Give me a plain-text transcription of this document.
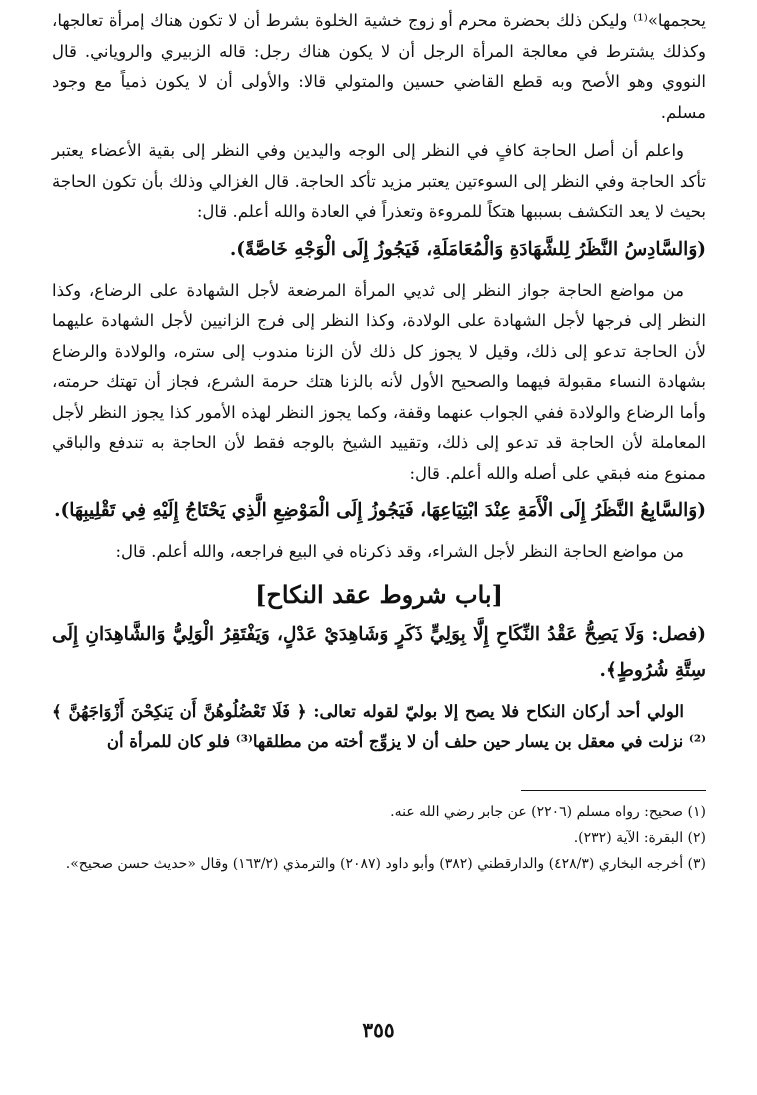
يحجمها»⁽¹⁾ وليكن ذلك بحضرة محرم أو زوج خشية الخلوة بشرط أن لا تكون هناك إمرأة تعالجها، وكذلك يشترط في معالجة المرأة الرجل أن لا يكون هناك رجل: قاله الزبيري والروياني. قال النووي وهو الأصح وبه قطع القاضي حسين والمتولي قالا: والأولى أن لا يكون ذمياً مع وجود مسلم.

واعلم أن أصل الحاجة كافٍ في النظر إلى الوجه واليدين وفي النظر إلى بقية الأعضاء يعتبر تأكد الحاجة وفي النظر إلى السوءتين يعتبر مزيد تأكد الحاجة. قال الغزالي وذلك بأن تكون الحاجة بحيث لا يعد التكشف بسببها هتكاً للمروءة وتعذراً في العادة والله أعلم. قال:

(وَالسَّادِسُ النَّظَرُ لِلشَّهَادَةِ وَالْمُعَامَلَةِ، فَيَجُوزُ إِلَى الْوَجْهِ خَاصَّةً).

من مواضع الحاجة جواز النظر إلى ثديي المرأة المرضعة لأجل الشهادة على الرضاع، وكذا النظر إلى فرجها لأجل الشهادة على الولادة، وكذا النظر إلى فرج الزانيين لأجل الشهادة عليهما لأن الحاجة تدعو إلى ذلك، وقيل لا يجوز كل ذلك لأن الزنا مندوب إلى ستره، والولادة والرضاع بشهادة النساء مقبولة فيهما والصحيح الأول لأنه بالزنا هتك حرمة الشرع، فجاز أن تهتك حرمته، وأما الرضاع والولادة ففي الجواب عنهما وقفة، وكما يجوز النظر لهذه الأمور كذا يجوز النظر لأجل المعاملة لأن الحاجة قد تدعو إلى ذلك، وتقييد الشيخ بالوجه فقط لأن الحاجة به تندفع والباقي ممنوع منه فبقي على أصله والله أعلم. قال:

(وَالسَّابِعُ النَّظَرُ إِلَى الْأَمَةِ عِنْدَ ابْتِيَاعِهَا، فَيَجُوزُ إِلَى الْمَوْضِعِ الَّذِي يَحْتَاجُ إِلَيْهِ فِي تَقْلِيبِهَا).

من مواضع الحاجة النظر لأجل الشراء، وقد ذكرناه في البيع فراجعه، والله أعلم. قال:

[باب شروط عقد النكاح]

(فصل: وَلَا يَصِحُّ عَقْدُ النِّكَاحِ إِلَّا بِوَلِيٍّ ذَكَرٍ وَشَاهِدَيْ عَدْلٍ، وَيَفْتَقِرُ الْوَلِيُّ وَالشَّاهِدَانِ إِلَى سِتَّةِ شُرُوطٍ﴾.

الولي أحد أركان النكاح فلا يصح إلا بوليّ لقوله تعالى: ﴿ فَلَا تَعْضُلُوهُنَّ أَن يَنكِحْنَ أَزْوَاجَهُنَّ ﴾ ⁽²⁾ نزلت في معقل بن يسار حين حلف أن لا يزوِّج أخته من مطلقها⁽³⁾ فلو كان للمرأة أن

(١) صحيح: رواه مسلم (٢٢٠٦) عن جابر رضي الله عنه.

(٢) البقرة: الآية (٢٣٢).

(٣) أخرجه البخاري (٤٢٨/٣) والدارقطني (٣٨٢) وأبو داود (٢٠٨٧) والترمذي (١٦٣/٢) وقال «حديث حسن صحيح».

٣٥٥
